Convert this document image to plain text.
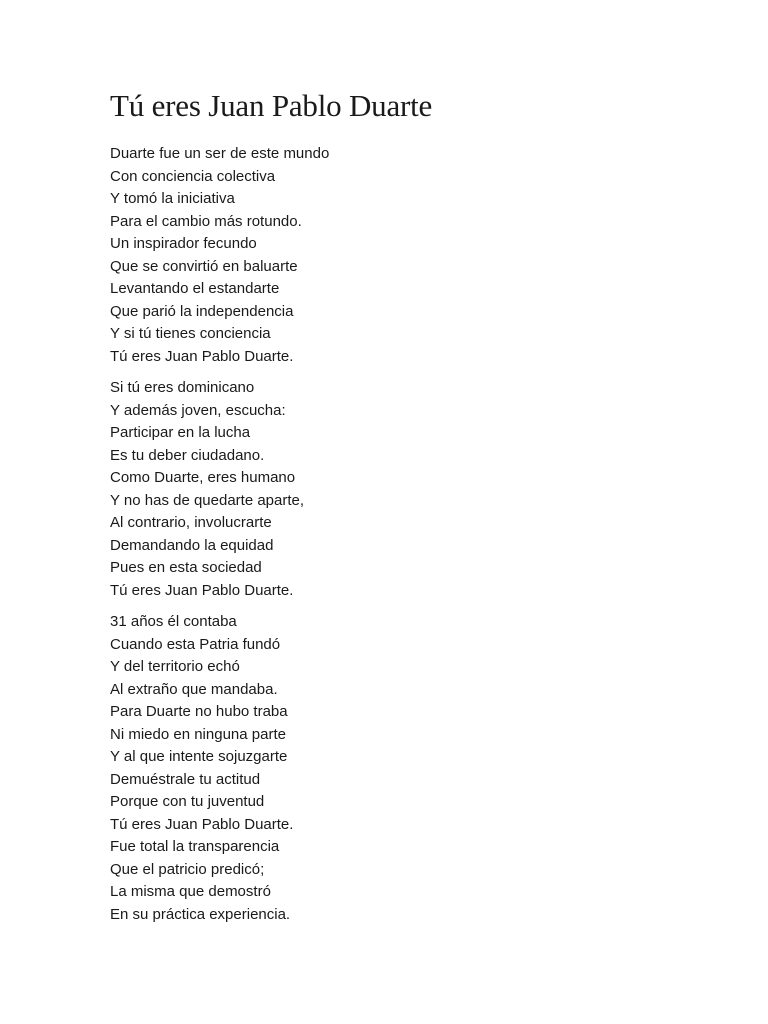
Tú eres Juan Pablo Duarte
Duarte fue un ser de este mundo
Con conciencia colectiva
Y tomó la iniciativa
Para el cambio más rotundo.
Un inspirador fecundo
Que se convirtió en baluarte
Levantando el estandarte
Que parió la independencia
Y si tú tienes conciencia
Tú eres Juan Pablo Duarte.
Si tú eres dominicano
Y además joven, escucha:
Participar en la lucha
Es tu deber ciudadano.
Como Duarte, eres humano
Y no has de quedarte aparte,
Al contrario, involucrarte
Demandando la equidad
Pues en esta sociedad
Tú eres Juan Pablo Duarte.
31 años él contaba
Cuando esta Patria fundó
Y del territorio echó
Al extraño que mandaba.
Para Duarte no hubo traba
Ni miedo en ninguna parte
Y al que intente sojuzgarte
Demuéstrale tu actitud
Porque con tu juventud
Tú eres Juan Pablo Duarte.
Fue total la transparencia
Que el patricio predicó;
La misma que demostró
En su práctica experiencia.
